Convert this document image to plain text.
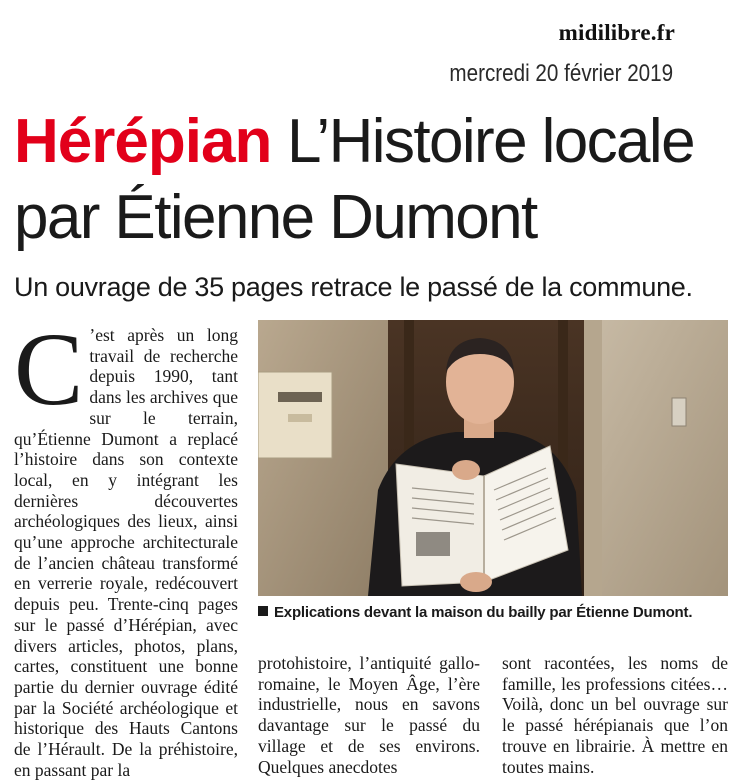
midilibre.fr
mercredi 20 février 2019
Hérépian L’Histoire locale
par Étienne Dumont
Un ouvrage de 35 pages retrace le passé de la commune.
C ’est après un long travail de recherche depuis 1990, tant dans les archives que sur le terrain, qu’Étienne Dumont a replacé l’histoire dans son contexte local, en y intégrant les dernières découvertes archéologiques des lieux, ainsi qu’une approche architecturale de l’ancien château transformé en verrerie royale, redécouvert depuis peu. Trente-cinq pages sur le passé d’Hérépian, avec divers articles, photos, plans, cartes, constituent une bonne partie du dernier ouvrage édité par la Société archéologique et historique des Hauts Cantons de l’Hérault. De la préhistoire, en passant par la
Explications devant la maison du bailly par Étienne Dumont.
protohistoire, l’antiquité gallo-romaine, le Moyen Âge, l’ère industrielle, nous en savons davantage sur le passé du village et de ses environs. Quelques anecdotes
sont racontées, les noms de famille, les professions citées… Voilà, donc un bel ouvrage sur le passé hérépianais que l’on trouve en librairie. À mettre en toutes mains.
